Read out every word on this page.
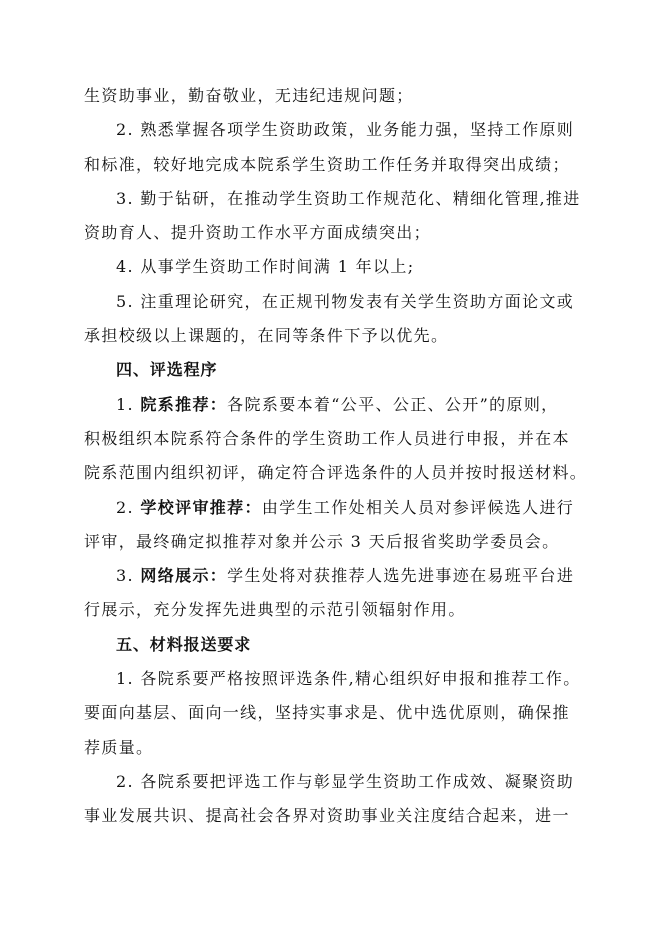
生资助事业，勤奋敬业，无违纪违规问题；
2. 熟悉掌握各项学生资助政策，业务能力强，坚持工作原则
和标准，较好地完成本院系学生资助工作任务并取得突出成绩；
3. 勤于钻研，在推动学生资助工作规范化、精细化管理,推进
资助育人、提升资助工作水平方面成绩突出；
4. 从事学生资助工作时间满 1 年以上;
5. 注重理论研究，在正规刊物发表有关学生资助方面论文或
承担校级以上课题的，在同等条件下予以优先。
四、评选程序
1. 院系推荐：各院系要本着“公平、公正、公开”的原则，
积极组织本院系符合条件的学生资助工作人员进行申报，并在本
院系范围内组织初评，确定符合评选条件的人员并按时报送材料。
2. 学校评审推荐：由学生工作处相关人员对参评候选人进行
评审，最终确定拟推荐对象并公示 3 天后报省奖助学委员会。
3. 网络展示：学生处将对获推荐人选先进事迹在易班平台进
行展示，充分发挥先进典型的示范引领辐射作用。
五、材料报送要求
1. 各院系要严格按照评选条件,精心组织好申报和推荐工作。
要面向基层、面向一线，坚持实事求是、优中选优原则，确保推
荐质量。
2. 各院系要把评选工作与彰显学生资助工作成效、凝聚资助
事业发展共识、提高社会各界对资助事业关注度结合起来，进一
